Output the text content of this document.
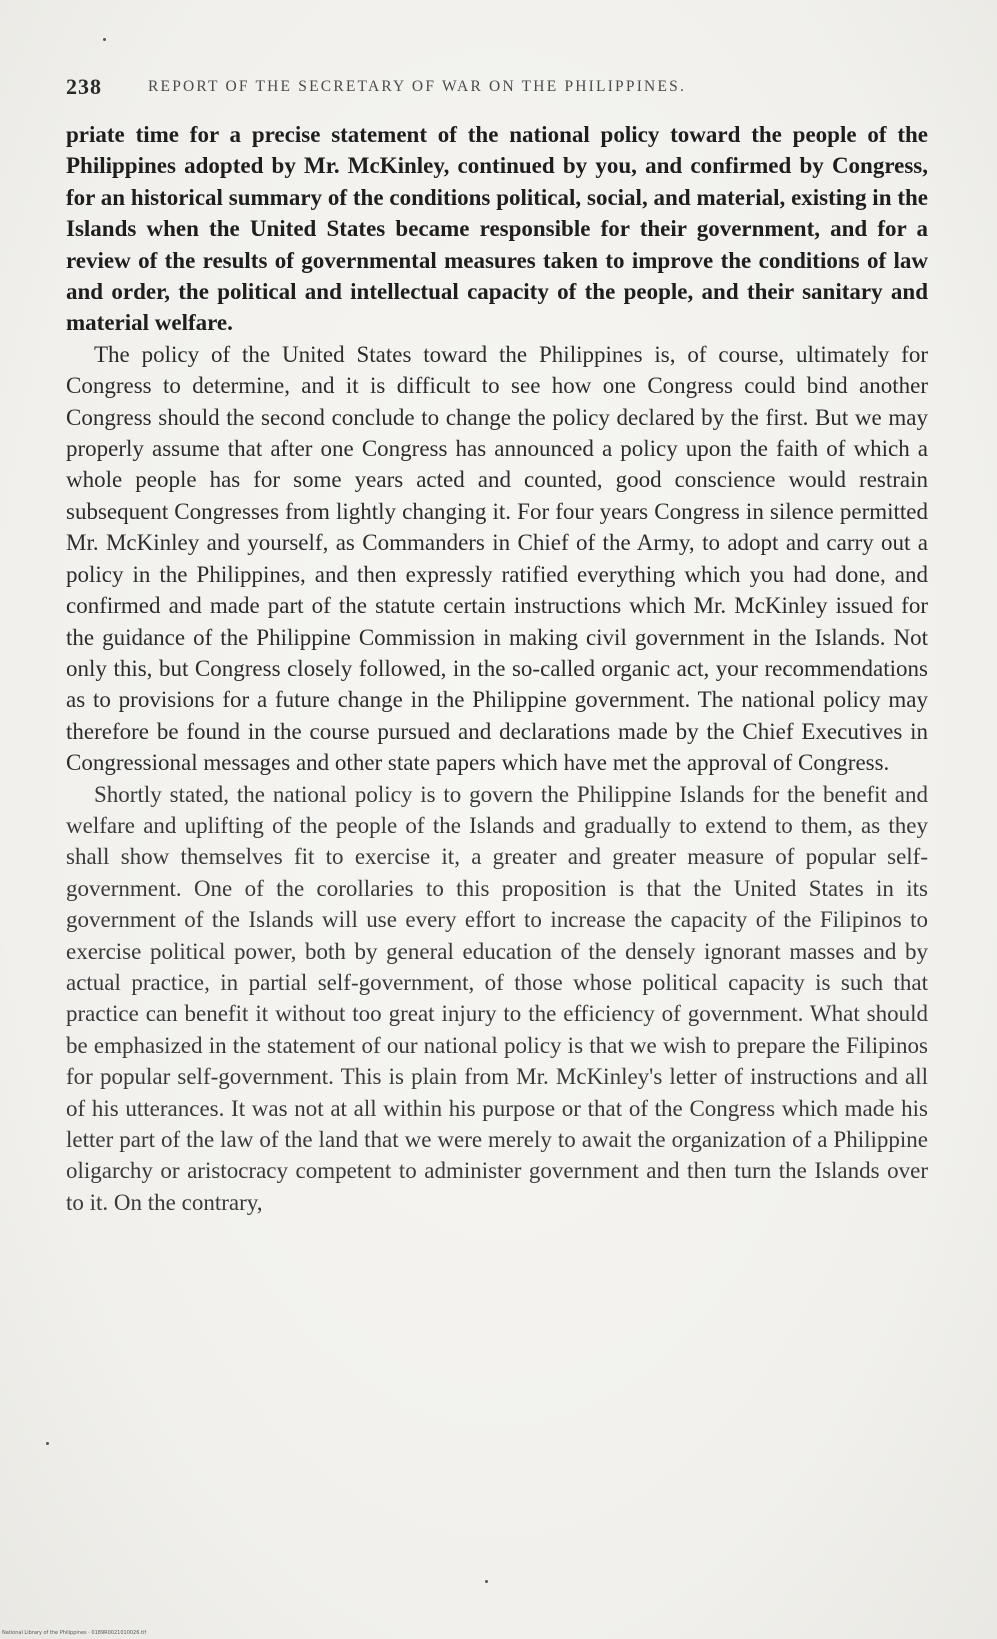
238	REPORT OF THE SECRETARY OF WAR ON THE PHILIPPINES.

priate time for a precise statement of the national policy toward the people of the Philippines adopted by Mr. McKinley, continued by you, and confirmed by Congress, for an historical summary of the conditions political, social, and material, existing in the Islands when the United States became responsible for their government, and for a review of the results of governmental measures taken to improve the conditions of law and order, the political and intellectual capacity of the people, and their sanitary and material welfare.

The policy of the United States toward the Philippines is, of course, ultimately for Congress to determine, and it is difficult to see how one Congress could bind another Congress should the second conclude to change the policy declared by the first. But we may properly assume that after one Congress has announced a policy upon the faith of which a whole people has for some years acted and counted, good conscience would restrain subsequent Congresses from lightly changing it. For four years Congress in silence permitted Mr. McKinley and yourself, as Commanders in Chief of the Army, to adopt and carry out a policy in the Philippines, and then expressly ratified everything which you had done, and confirmed and made part of the statute certain instructions which Mr. McKinley issued for the guidance of the Philippine Commission in making civil government in the Islands. Not only this, but Congress closely followed, in the so-called organic act, your recommendations as to provisions for a future change in the Philippine government. The national policy may therefore be found in the course pursued and declarations made by the Chief Executives in Congressional messages and other state papers which have met the approval of Congress.

Shortly stated, the national policy is to govern the Philippine Islands for the benefit and welfare and uplifting of the people of the Islands and gradually to extend to them, as they shall show themselves fit to exercise it, a greater and greater measure of popular self-government. One of the corollaries to this proposition is that the United States in its government of the Islands will use every effort to increase the capacity of the Filipinos to exercise political power, both by general education of the densely ignorant masses and by actual practice, in partial self-government, of those whose political capacity is such that practice can benefit it without too great injury to the efficiency of government. What should be emphasized in the statement of our national policy is that we wish to prepare the Filipinos for popular self-government. This is plain from Mr. McKinley's letter of instructions and all of his utterances. It was not at all within his purpose or that of the Congress which made his letter part of the law of the land that we were merely to await the organization of a Philippine oligarchy or aristocracy competent to administer government and then turn the Islands over to it. On the contrary,

National Library of the Philippines · 0189R0021010026.tif
